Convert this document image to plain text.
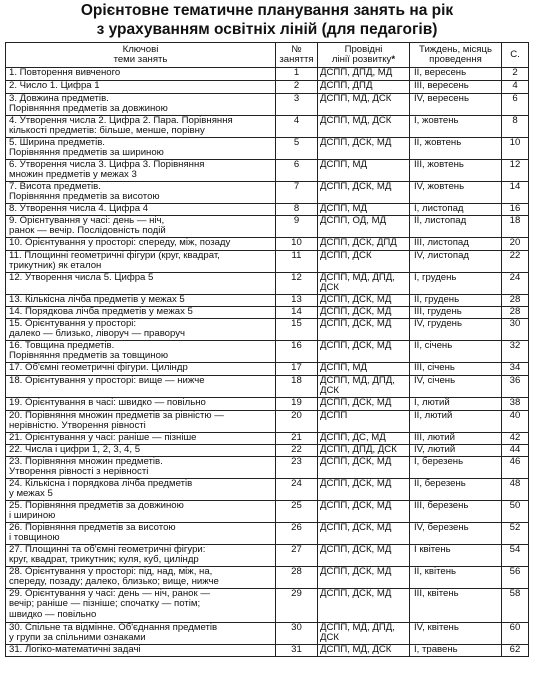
Орієнтовне тематичне планування занять на рік
з урахуванням освітніх ліній (для педагогів)
Ключові
теми занять	№
заняття	Провідні
лінії розвитку*	Тиждень, місяць
проведення	С.
1. Повторення вивченого	1	ДСПП, ДПД, МД	II, вересень	2
2. Число 1. Цифра 1	2	ДСПП, ДПД	III, вересень	4
3. Довжина предметів.
Порівняння предметів за довжиною	3	ДСПП, МД, ДСК	IV, вересень	6
4. Утворення числа 2. Цифра 2. Пара. Порівняння
кількості предметів: більше, менше, порівну	4	ДСПП, МД, ДСК	I, жовтень	8
5. Ширина предметів.
Порівняння предметів за шириною	5	ДСПП, ДСК, МД	II, жовтень	10
6. Утворення числа 3. Цифра 3. Порівняння
множин предметів у межах 3	6	ДСПП, МД	III, жовтень	12
7. Висота предметів.
Порівняння предметів за висотою	7	ДСПП, ДСК, МД	IV, жовтень	14
8. Утворення числа 4. Цифра 4	8	ДСПП, МД	I, листопад	16
9. Орієнтування у часі: день — ніч,
ранок — вечір. Послідовність подій	9	ДСПП, ОД, МД	II, листопад	18
10. Орієнтування у просторі: спереду, між, позаду	10	ДСПП, ДСК, ДПД	III, листопад	20
11. Площинні геометричні фігури (круг, квадрат,
трикутник) як еталон	11	ДСПП, ДСК	IV, листопад	22
12. Утворення числа 5. Цифра 5	12	ДСПП, МД, ДПД, ДСК	I, грудень	24
13. Кількісна лічба предметів у межах 5	13	ДСПП, ДСК, МД	II, грудень	28
14. Порядкова лічба предметів у межах 5	14	ДСПП, ДСК, МД	III, грудень	28
15. Орієнтування у просторі:
далеко — близько, ліворуч — праворуч	15	ДСПП, ДСК, МД	IV, грудень	30
16. Товщина предметів.
Порівняння предметів за товщиною	16	ДСПП, ДСК, МД	II, січень	32
17. Об'ємні геометричні фігури. Циліндр	17	ДСПП, МД	III, січень	34
18. Орієнтування у просторі: вище — нижче	18	ДСПП, МД, ДПД,
ДСК	IV, січень	36
19. Орієнтування в часі: швидко — повільно	19	ДСПП, ДСК, МД	I, лютий	38
20. Порівняння множин предметів за рівністю —
нерівністю. Утворення рівності	20	ДСПП	II, лютий	40
21. Орієнтування у часі: раніше — пізніше	21	ДСПП, ДС, МД	III, лютий	42
22. Числа і цифри 1, 2, 3, 4, 5	22	ДСПП, ДПД, ДСК	IV, лютий	44
23. Порівняння множин предметів.
Утворення рівності з нерівності	23	ДСПП, ДСК, МД	I, березень	46
24. Кількісна і порядкова лічба предметів
у межах 5	24	ДСПП, ДСК, МД	II, березень	48
25. Порівняння предметів за довжиною
і шириною	25	ДСПП, ДСК, МД	III, березень	50
26. Порівняння предметів за висотою
і товщиною	26	ДСПП, ДСК, МД	IV, березень	52
27. Площинні та об'ємні геометричні фігури:
круг, квадрат, трикутник; куля, куб, циліндр	27	ДСПП, ДСК, МД	I квітень	54
28. Орієнтування у просторі: під, над, між, на,
спереду, позаду; далеко, близько; вище, нижче	28	ДСПП, ДСК, МД	II, квітень	56
29. Орієнтування у часі: день — ніч, ранок —
вечір; раніше — пізніше; спочатку — потім;
швидко — повільно	29	ДСПП, ДСК, МД	III, квітень	58
30. Спільне та відмінне. Об'єднання предметів
у групи за спільними ознаками	30	ДСПП, МД, ДПД,
ДСК	IV, квітень	60
31. Логіко-математичні задачі	31	ДСПП, МД, ДСК	I, травень	62
